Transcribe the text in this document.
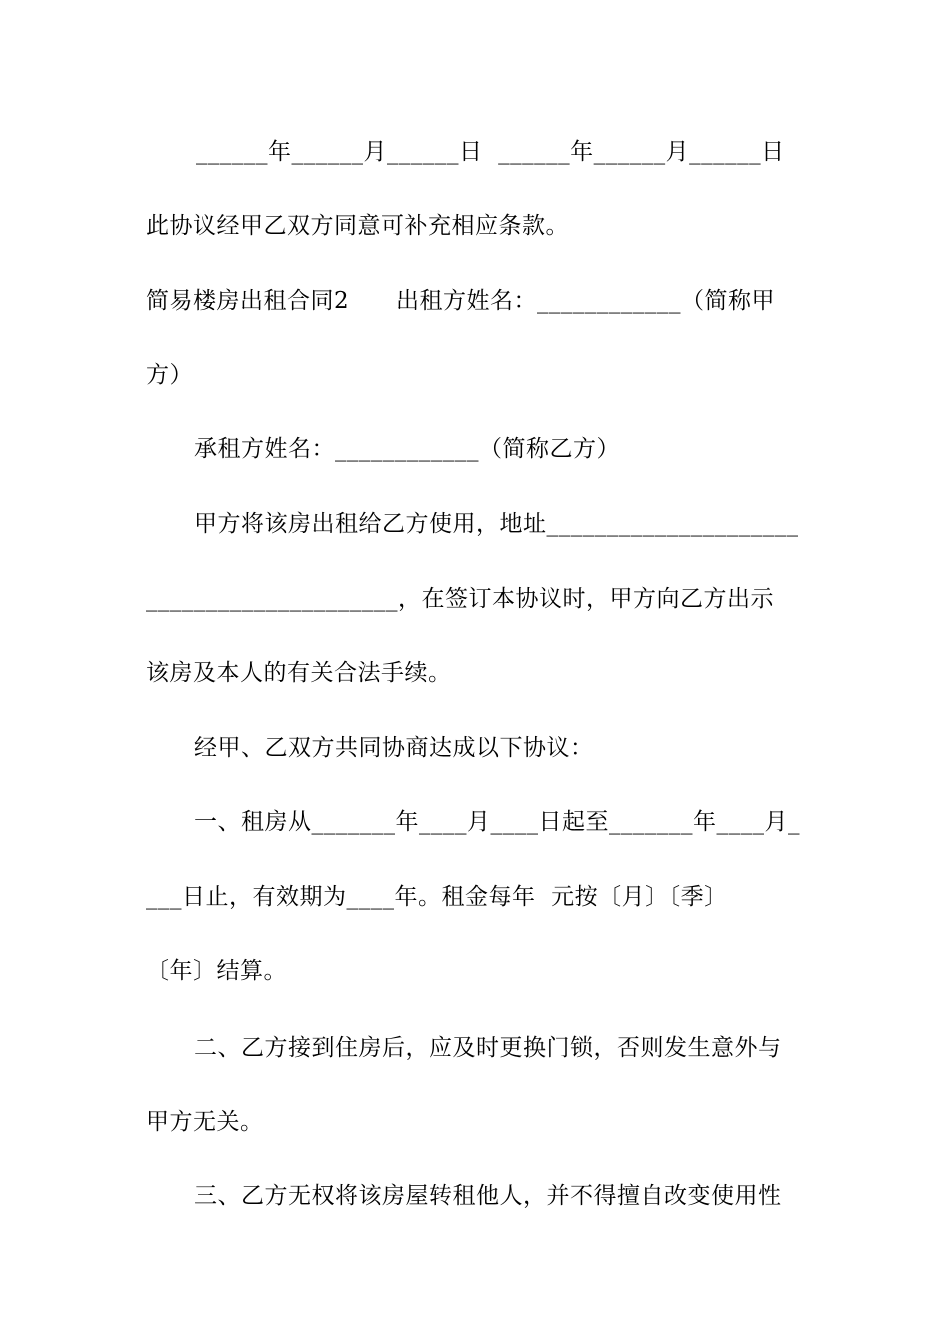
______年______月______日  ______年______月______日
此协议经甲乙双方同意可补充相应条款。
简易楼房出租合同2      出租方姓名：____________（简称甲
方）
承租方姓名：____________（简称乙方）
甲方将该房出租给乙方使用，地址_____________________
_____________________，在签订本协议时，甲方向乙方出示
该房及本人的有关合法手续。
经甲、乙双方共同协商达成以下协议：
一、租房从_______年____月____日起至_______年____月_
___日止，有效期为____年。租金每年  元按〔月〕〔季〕
〔年〕结算。
二、乙方接到住房后，应及时更换门锁，否则发生意外与
甲方无关。
三、乙方无权将该房屋转租他人，并不得擅自改变使用性
